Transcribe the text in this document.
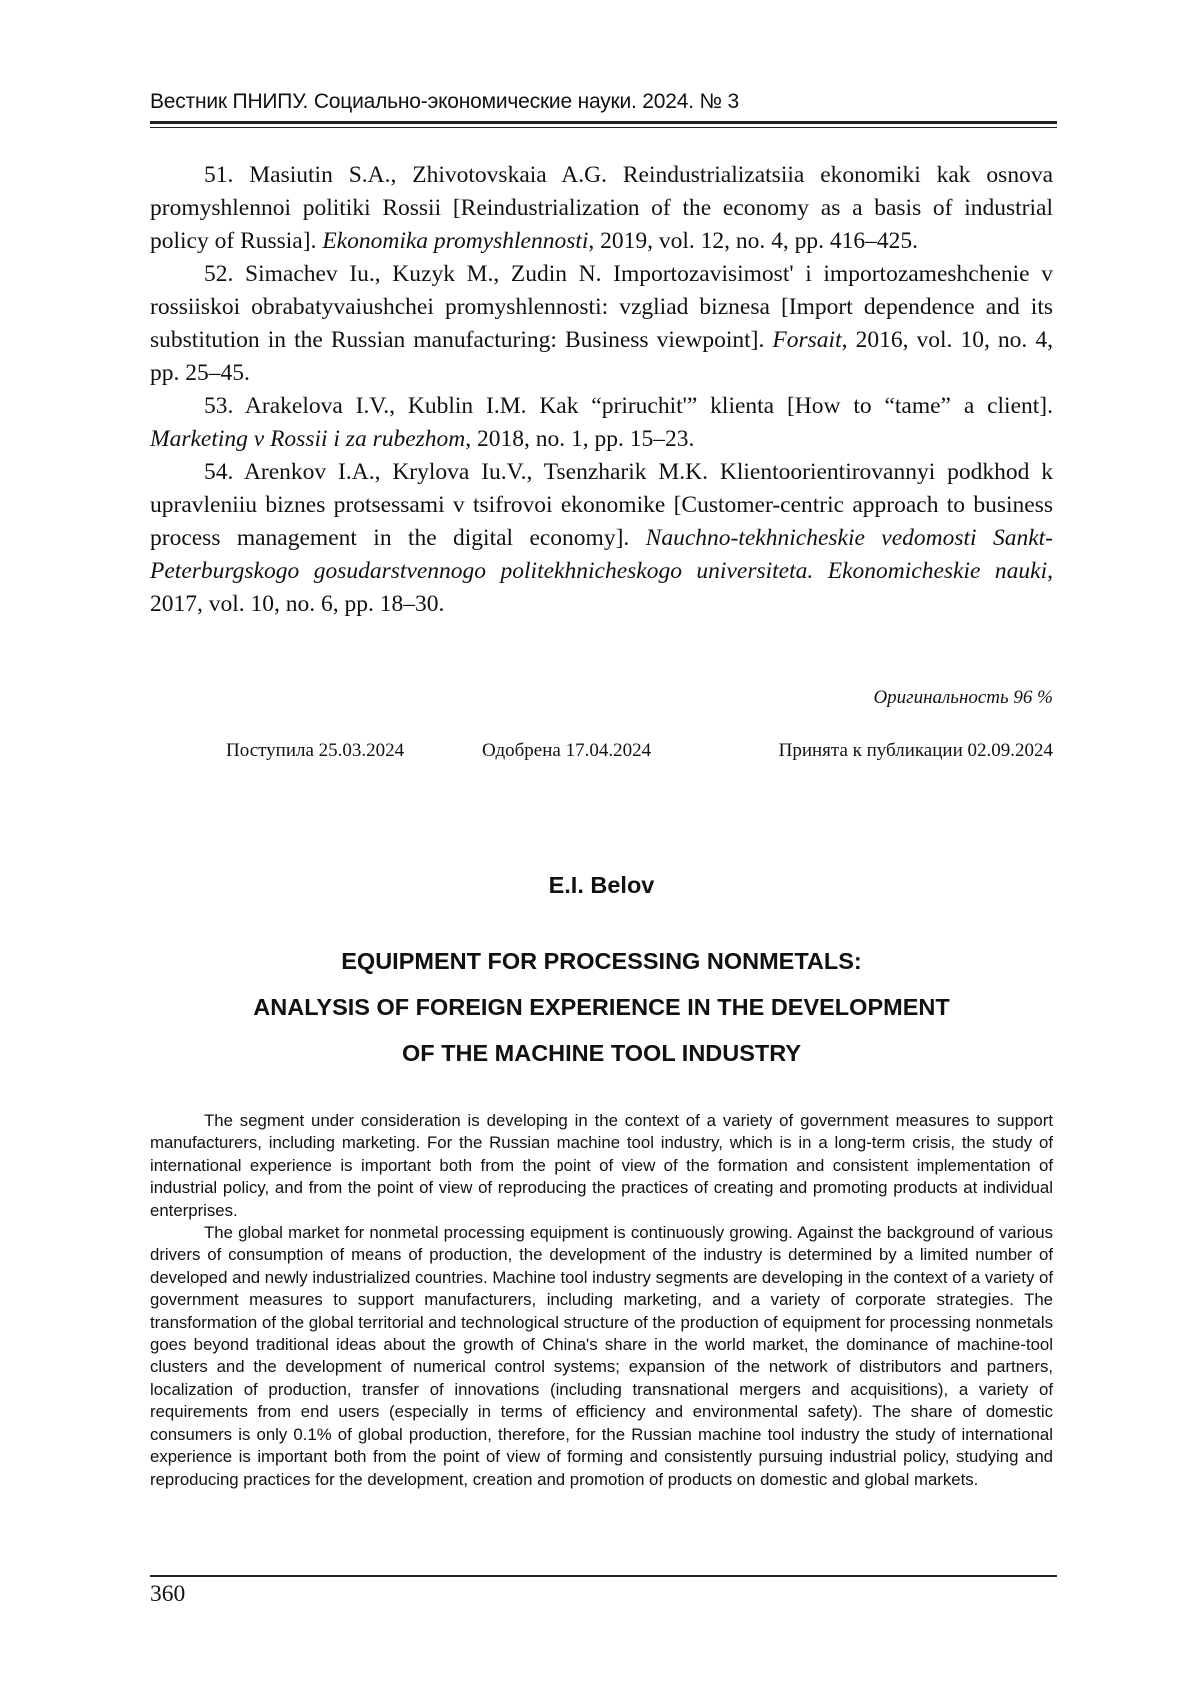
Вестник ПНИПУ. Социально-экономические науки. 2024. № 3

51. Masiutin S.A., Zhivotovskaia A.G. Reindustrializatsiia ekonomiki kak osnova promyshlennoi politiki Rossii [Reindustrialization of the economy as a basis of industrial policy of Russia]. Ekonomika promyshlennosti, 2019, vol. 12, no. 4, pp. 416–425.

52. Simachev Iu., Kuzyk M., Zudin N. Importozavisimost' i importozameshchenie v rossiiskoi obrabatyvaiushchei promyshlennosti: vzgliad biznesa [Import dependence and its substitution in the Russian manufacturing: Business viewpoint]. Forsait, 2016, vol. 10, no. 4, pp. 25–45.

53. Arakelova I.V., Kublin I.M. Kak “priruchit'” klienta [How to “tame” a client]. Marketing v Rossii i za rubezhom, 2018, no. 1, pp. 15–23.

54. Arenkov I.A., Krylova Iu.V., Tsenzharik M.K. Klientoorientirovannyi podkhod k upravleniiu biznes protsessami v tsifrovoi ekonomike [Customer-centric approach to business process management in the digital economy]. Nauchno-tekhnicheskie vedomosti Sankt-Peterburgskogo gosudarstvennogo politekhnicheskogo universiteta. Ekonomicheskie nauki, 2017, vol. 10, no. 6, pp. 18–30.

Оригинальность 96 %
Поступила 25.03.2024	Одобрена 17.04.2024	Принята к публикации 02.09.2024
E.I. Belov
EQUIPMENT FOR PROCESSING NONMETALS:
ANALYSIS OF FOREIGN EXPERIENCE IN THE DEVELOPMENT
OF THE MACHINE TOOL INDUSTRY

The segment under consideration is developing in the context of a variety of government measures to support manufacturers, including marketing. For the Russian machine tool industry, which is in a long-term crisis, the study of international experience is important both from the point of view of the formation and consistent implementation of industrial policy, and from the point of view of reproducing the practices of creating and promoting products at individual enterprises.

The global market for nonmetal processing equipment is continuously growing. Against the background of various drivers of consumption of means of production, the development of the industry is determined by a limited number of developed and newly industrialized countries. Machine tool industry segments are developing in the context of a variety of government measures to support manufacturers, including marketing, and a variety of corporate strategies. The transformation of the global territorial and technological structure of the production of equipment for processing nonmetals goes beyond traditional ideas about the growth of China's share in the world market, the dominance of machine-tool clusters and the development of numerical control systems; expansion of the network of distributors and partners, localization of production, transfer of innovations (including transnational mergers and acquisitions), a variety of requirements from end users (especially in terms of efficiency and environmental safety). The share of domestic consumers is only 0.1% of global production, therefore, for the Russian machine tool industry the study of international experience is important both from the point of view of forming and consistently pursuing industrial policy, studying and reproducing practices for the development, creation and promotion of products on domestic and global markets.

360
